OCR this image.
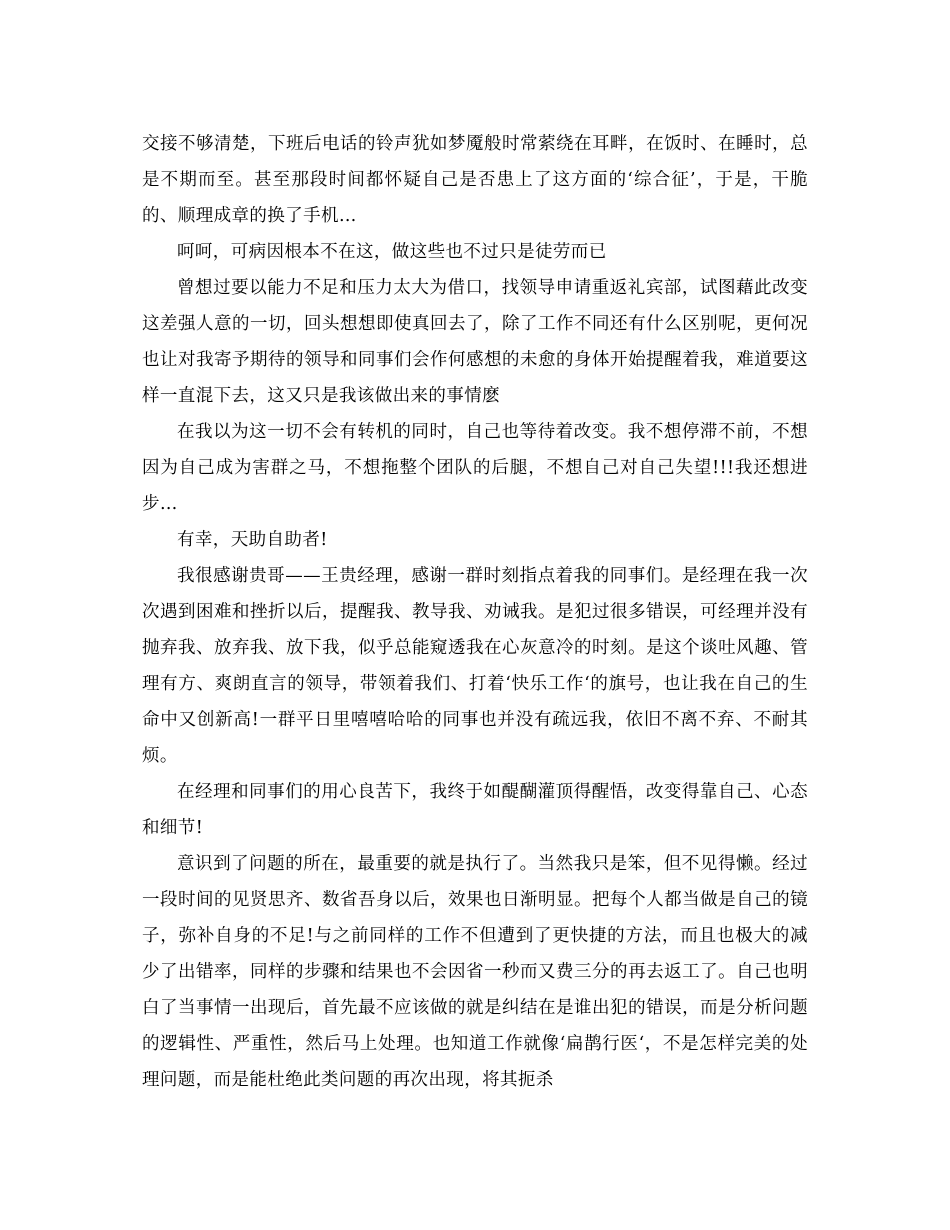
交接不够清楚，下班后电话的铃声犹如梦魇般时常萦绕在耳畔，在饭时、在睡时，总是不期而至。甚至那段时间都怀疑自己是否患上了这方面的‘综合征’，于是，干脆的、顺理成章的换了手机…

呵呵，可病因根本不在这，做这些也不过只是徒劳而已

曾想过要以能力不足和压力太大为借口，找领导申请重返礼宾部，试图藉此改变这差强人意的一切，回头想想即使真回去了，除了工作不同还有什么区别呢，更何况也让对我寄予期待的领导和同事们会作何感想的未愈的身体开始提醒着我，难道要这样一直混下去，这又只是我该做出来的事情麽

在我以为这一切不会有转机的同时，自己也等待着改变。我不想停滞不前，不想因为自己成为害群之马，不想拖整个团队的后腿，不想自己对自己失望!!!我还想进步…

有幸，天助自助者!

我很感谢贵哥——王贵经理，感谢一群时刻指点着我的同事们。是经理在我一次次遇到困难和挫折以后，提醒我、教导我、劝诫我。是犯过很多错误，可经理并没有抛弃我、放弃我、放下我，似乎总能窥透我在心灰意冷的时刻。是这个谈吐风趣、管理有方、爽朗直言的领导，带领着我们、打着‘快乐工作‘的旗号，也让我在自己的生命中又创新高!一群平日里嘻嘻哈哈的同事也并没有疏远我，依旧不离不弃、不耐其烦。

在经理和同事们的用心良苦下，我终于如醍醐灌顶得醒悟，改变得靠自己、心态和细节!

意识到了问题的所在，最重要的就是执行了。当然我只是笨，但不见得懒。经过一段时间的见贤思齐、数省吾身以后，效果也日渐明显。把每个人都当做是自己的镜子，弥补自身的不足!与之前同样的工作不但遭到了更快捷的方法，而且也极大的减少了出错率，同样的步骤和结果也不会因省一秒而又费三分的再去返工了。自己也明白了当事情一出现后，首先最不应该做的就是纠结在是谁出犯的错误，而是分析问题的逻辑性、严重性，然后马上处理。也知道工作就像‘扁鹊行医‘，不是怎样完美的处理问题，而是能杜绝此类问题的再次出现，将其扼杀
